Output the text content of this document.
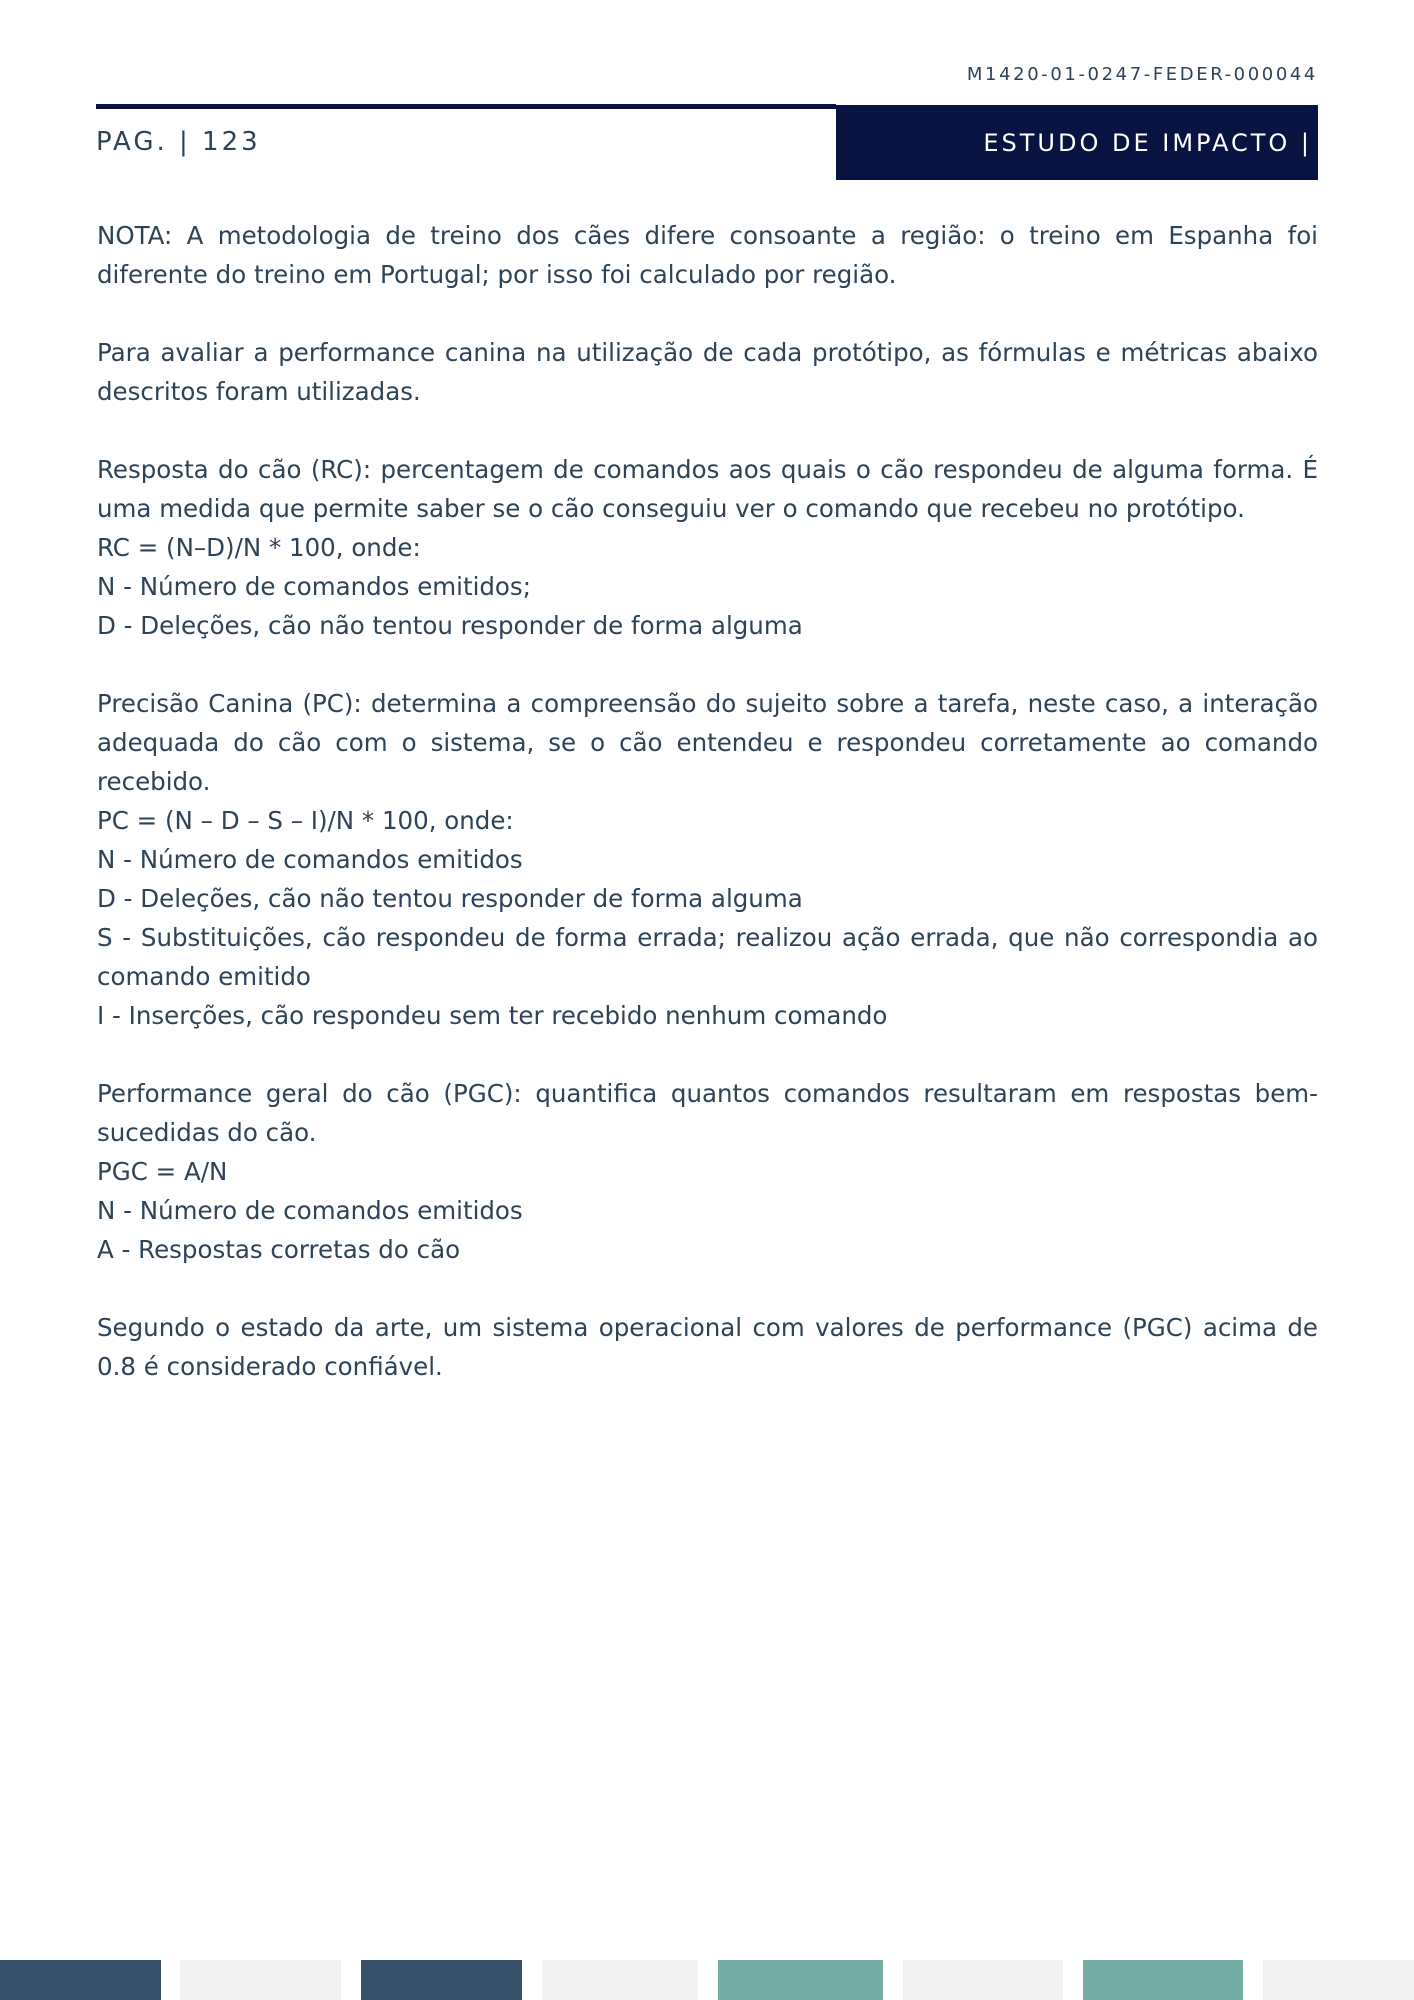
M1420-01-0247-FEDER-000044
PAG. | 123	ESTUDO DE IMPACTO |

NOTA: A metodologia de treino dos cães difere consoante a região: o treino em Espanha foi diferente do treino em Portugal; por isso foi calculado por região.

Para avaliar a performance canina na utilização de cada protótipo, as fórmulas e métricas abaixo descritos foram utilizadas.

Resposta do cão (RC): percentagem de comandos aos quais o cão respondeu de alguma forma. É uma medida que permite saber se o cão conseguiu ver o comando que recebeu no protótipo.
RC = (N–D)/N * 100, onde:
N - Número de comandos emitidos;
D - Deleções, cão não tentou responder de forma alguma

Precisão Canina (PC): determina a compreensão do sujeito sobre a tarefa, neste caso, a interação adequada do cão com o sistema, se o cão entendeu e respondeu corretamente ao comando recebido.
PC = (N – D – S – I)/N * 100, onde:
N - Número de comandos emitidos
D - Deleções, cão não tentou responder de forma alguma
S - Substituições, cão respondeu de forma errada; realizou ação errada, que não correspondia ao comando emitido
I - Inserções, cão respondeu sem ter recebido nenhum comando

Performance geral do cão (PGC): quantifica quantos comandos resultaram em respostas bem-sucedidas do cão.
PGC = A/N
N - Número de comandos emitidos
A - Respostas corretas do cão

Segundo o estado da arte, um sistema operacional com valores de performance (PGC) acima de 0.8 é considerado confiável.
